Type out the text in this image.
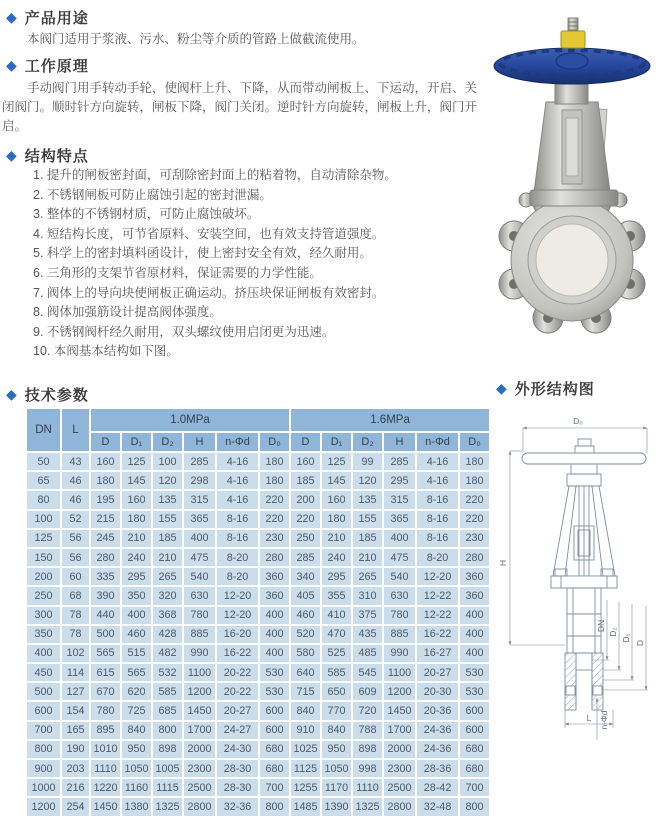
◆ 产品用途
本阀门适用于浆液、污水、粉尘等介质的管路上做截流使用。
◆ 工作原理
手动阀门用手转动手轮，使阀杆上升、下降，从而带动闸板上、下运动，开启、关闭阀门。顺时针方向旋转，闸板下降，阀门关闭。逆时针方向旋转，闸板上升，阀门开启。
◆ 结构特点
1. 提升的闸板密封面，可刮除密封面上的粘着物，自动清除杂物。
2. 不锈钢闸板可防止腐蚀引起的密封泄漏。
3. 整体的不锈钢材质，可防止腐蚀破坏。
4. 短结构长度，可节省原料、安装空间，也有效支持管道强度。
5. 科学上的密封填料函设计，使上密封安全有效，经久耐用。
6. 三角形的支架节省原材料，保证需要的力学性能。
7. 阀体上的导向块使闸板正确运动。挤压块保证闸板有效密封。
8. 阀体加强筋设计提高阀体强度。
9. 不锈钢阀杆经久耐用，双头螺纹使用启闭更为迅速。
10. 本阀基本结构如下图。
◆ 技术参数
DN	L	1.0MPa						1.6MPa					
		D	D₁	D₂	H	n-Φd	D₀	D	D₁	D₂	H	n-Φd	D₀
50	43	160	125	100	285	4-16	180	160	125	99	285	4-16	180
65	46	180	145	120	298	4-16	180	185	145	120	295	4-16	180
80	46	195	160	135	315	4-16	220	200	160	135	315	8-16	220
100	52	215	180	155	365	8-16	220	220	180	155	365	8-16	220
125	56	245	210	185	400	8-16	230	250	210	185	400	8-16	230
150	56	280	240	210	475	8-20	280	285	240	210	475	8-20	280
200	60	335	295	265	540	8-20	360	340	295	265	540	12-20	360
250	68	390	350	320	630	12-20	360	405	355	310	630	12-22	360
300	78	440	400	368	780	12-20	400	460	410	375	780	12-22	400
350	78	500	460	428	885	16-20	400	520	470	435	885	16-22	400
400	102	565	515	482	990	16-22	400	580	525	485	990	16-27	400
450	114	615	565	532	1100	20-22	530	640	585	545	1100	20-27	530
500	127	670	620	585	1200	20-22	530	715	650	609	1200	20-30	530
600	154	780	725	685	1450	20-27	600	840	770	720	1450	20-36	600
700	165	895	840	800	1700	24-27	600	910	840	788	1700	24-36	600
800	190	1010	950	898	2000	24-30	680	1025	950	898	2000	24-36	680
900	203	1110	1050	1005	2300	28-30	680	1125	1050	998	2300	28-36	680
1000	216	1220	1160	1115	2500	28-30	700	1255	1170	1110	2500	28-42	700
1200	254	1450	1380	1325	2800	32-36	800	1485	1390	1325	2800	32-48	800
◆ 外形结构图
D₀
H
DN D₂
D₁
D
L n-Φd
